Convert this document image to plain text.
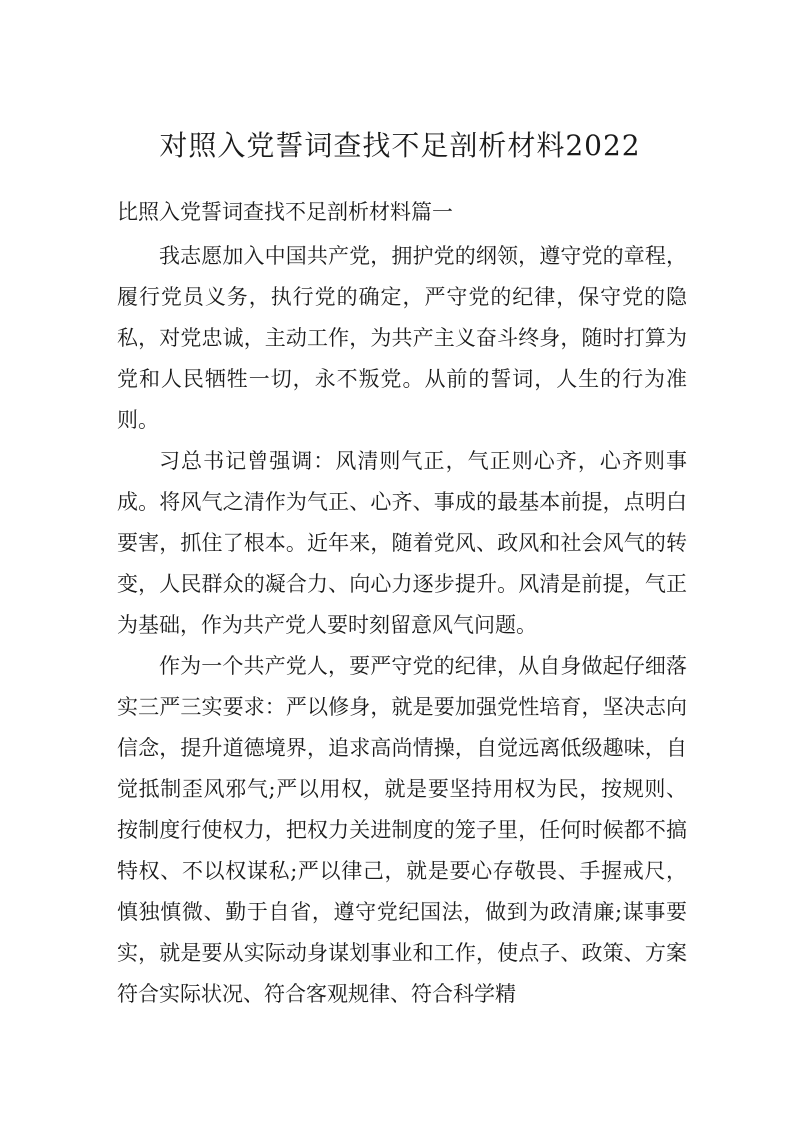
对照入党誓词查找不足剖析材料2022
比照入党誓词查找不足剖析材料篇一

我志愿加入中国共产党，拥护党的纲领，遵守党的章程，履行党员义务，执行党的确定，严守党的纪律，保守党的隐私，对党忠诚，主动工作，为共产主义奋斗终身，随时打算为党和人民牺牲一切，永不叛党。从前的誓词，人生的行为准则。

习总书记曾强调：风清则气正，气正则心齐，心齐则事成。将风气之清作为气正、心齐、事成的最基本前提，点明白要害，抓住了根本。近年来，随着党风、政风和社会风气的转变，人民群众的凝合力、向心力逐步提升。风清是前提，气正为基础，作为共产党人要时刻留意风气问题。

作为一个共产党人，要严守党的纪律，从自身做起仔细落实三严三实要求：严以修身，就是要加强党性培育，坚决志向信念，提升道德境界，追求高尚情操，自觉远离低级趣味，自觉抵制歪风邪气;严以用权，就是要坚持用权为民，按规则、按制度行使权力，把权力关进制度的笼子里，任何时候都不搞特权、不以权谋私;严以律己，就是要心存敬畏、手握戒尺，慎独慎微、勤于自省，遵守党纪国法，做到为政清廉;谋事要实，就是要从实际动身谋划事业和工作，使点子、政策、方案符合实际状况、符合客观规律、符合科学精
